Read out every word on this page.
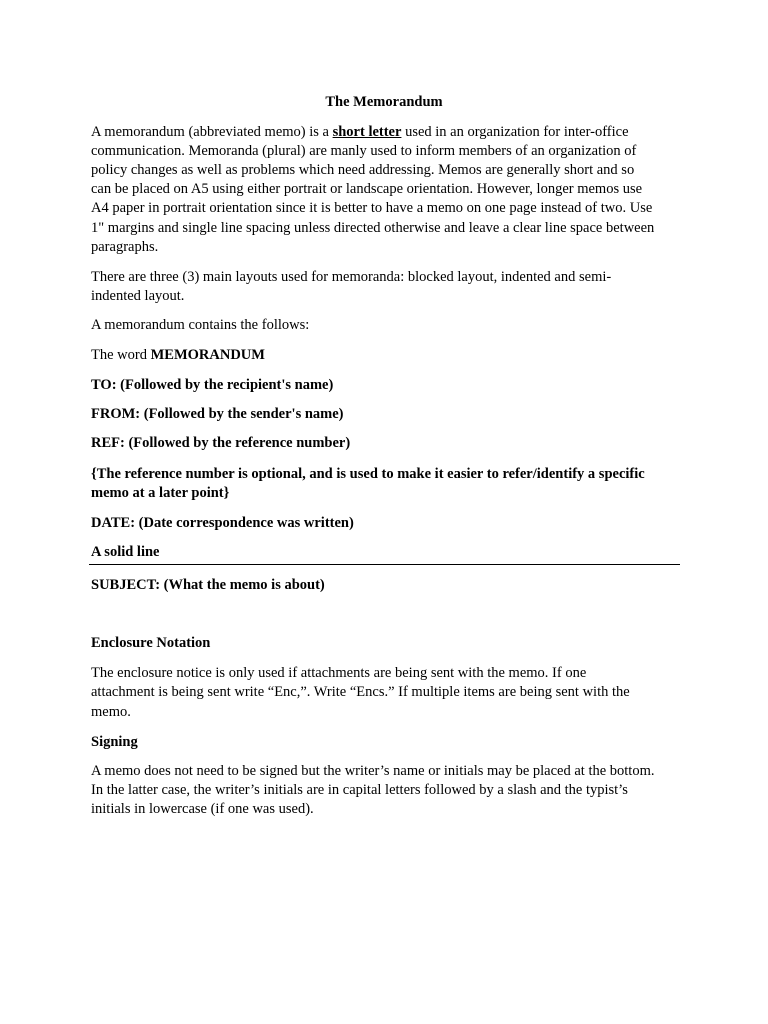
The Memorandum
A memorandum (abbreviated memo) is a short letter used in an organization for inter-office
communication. Memoranda (plural) are manly used to inform members of an organization of
policy changes as well as problems which need addressing. Memos are generally short and so
can be placed on A5 using either portrait or landscape orientation. However, longer memos use
A4 paper in portrait orientation since it is better to have a memo on one page instead of two. Use
1" margins and single line spacing unless directed otherwise and leave a clear line space between
paragraphs.
There are three (3) main layouts used for memoranda: blocked layout, indented and semi-
indented layout.
A memorandum contains the follows:
The word MEMORANDUM
TO: (Followed by the recipient's name)
FROM: (Followed by the sender's name)
REF: (Followed by the reference number)
{The reference number is optional, and is used to make it easier to refer/identify a specific
memo at a later point}
DATE: (Date correspondence was written)
A solid line
SUBJECT: (What the memo is about)
Enclosure Notation
The enclosure notice is only used if attachments are being sent with the memo. If one
attachment is being sent write “Enc,”. Write “Encs.” If multiple items are being sent with the
memo.
Signing
A memo does not need to be signed but the writer’s name or initials may be placed at the bottom.
In the latter case, the writer’s initials are in capital letters followed by a slash and the typist’s
initials in lowercase (if one was used).
